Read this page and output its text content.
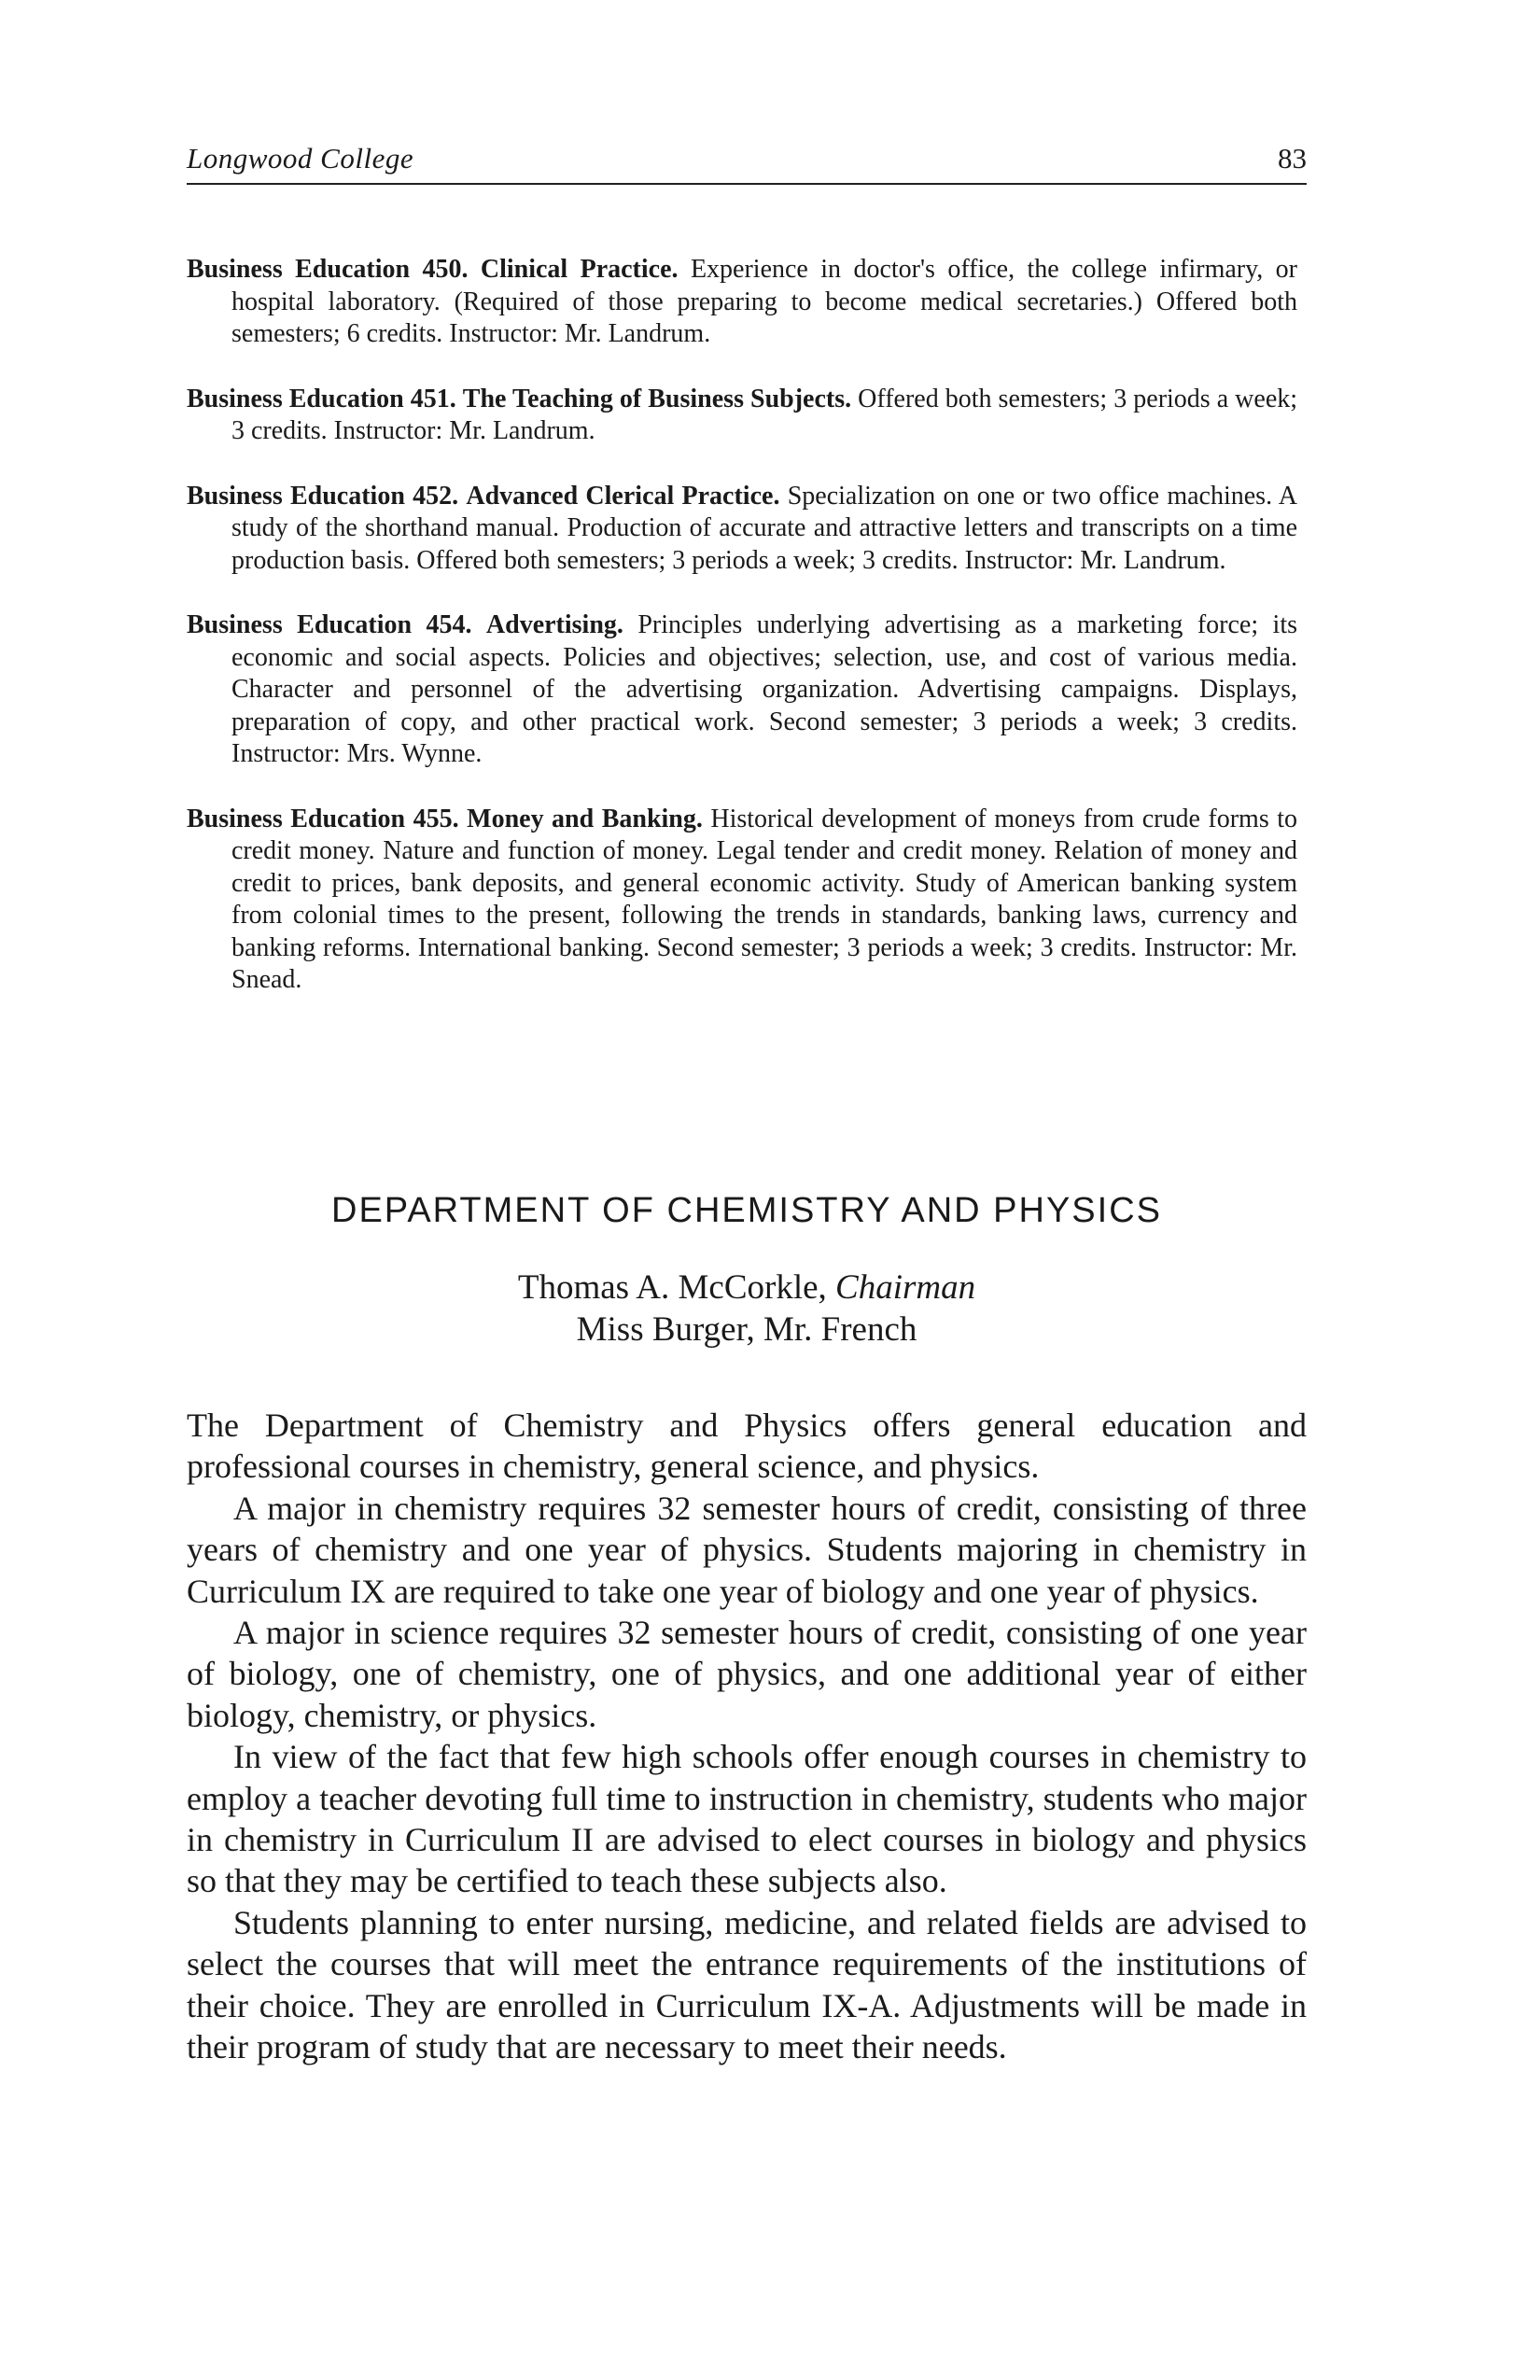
Longwood College	83

Business Education 450. Clinical Practice. Experience in doctor's office, the college infirmary, or hospital laboratory. (Required of those preparing to become medical secretaries.) Offered both semesters; 6 credits. Instructor: Mr. Landrum.

Business Education 451. The Teaching of Business Subjects. Offered both semesters; 3 periods a week; 3 credits. Instructor: Mr. Landrum.

Business Education 452. Advanced Clerical Practice. Specialization on one or two office machines. A study of the shorthand manual. Production of accurate and attractive letters and transcripts on a time production basis. Offered both semesters; 3 periods a week; 3 credits. Instructor: Mr. Landrum.

Business Education 454. Advertising. Principles underlying advertising as a marketing force; its economic and social aspects. Policies and objectives; selection, use, and cost of various media. Character and personnel of the advertising organization. Advertising campaigns. Displays, preparation of copy, and other practical work. Second semester; 3 periods a week; 3 credits. Instructor: Mrs. Wynne.

Business Education 455. Money and Banking. Historical development of moneys from crude forms to credit money. Nature and function of money. Legal tender and credit money. Relation of money and credit to prices, bank deposits, and general economic activity. Study of American banking system from colonial times to the present, following the trends in standards, banking laws, currency and banking reforms. International banking. Second semester; 3 periods a week; 3 credits. Instructor: Mr. Snead.

DEPARTMENT OF CHEMISTRY AND PHYSICS
Thomas A. McCorkle, Chairman
Miss Burger, Mr. French

The Department of Chemistry and Physics offers general education and professional courses in chemistry, general science, and physics.

A major in chemistry requires 32 semester hours of credit, consisting of three years of chemistry and one year of physics. Students majoring in chemistry in Curriculum IX are required to take one year of biology and one year of physics.

A major in science requires 32 semester hours of credit, consisting of one year of biology, one of chemistry, one of physics, and one additional year of either biology, chemistry, or physics.

In view of the fact that few high schools offer enough courses in chemistry to employ a teacher devoting full time to instruction in chemistry, students who major in chemistry in Curriculum II are advised to elect courses in biology and physics so that they may be certified to teach these subjects also.

Students planning to enter nursing, medicine, and related fields are advised to select the courses that will meet the entrance requirements of the institutions of their choice. They are enrolled in Curriculum IX-A. Adjustments will be made in their program of study that are necessary to meet their needs.
